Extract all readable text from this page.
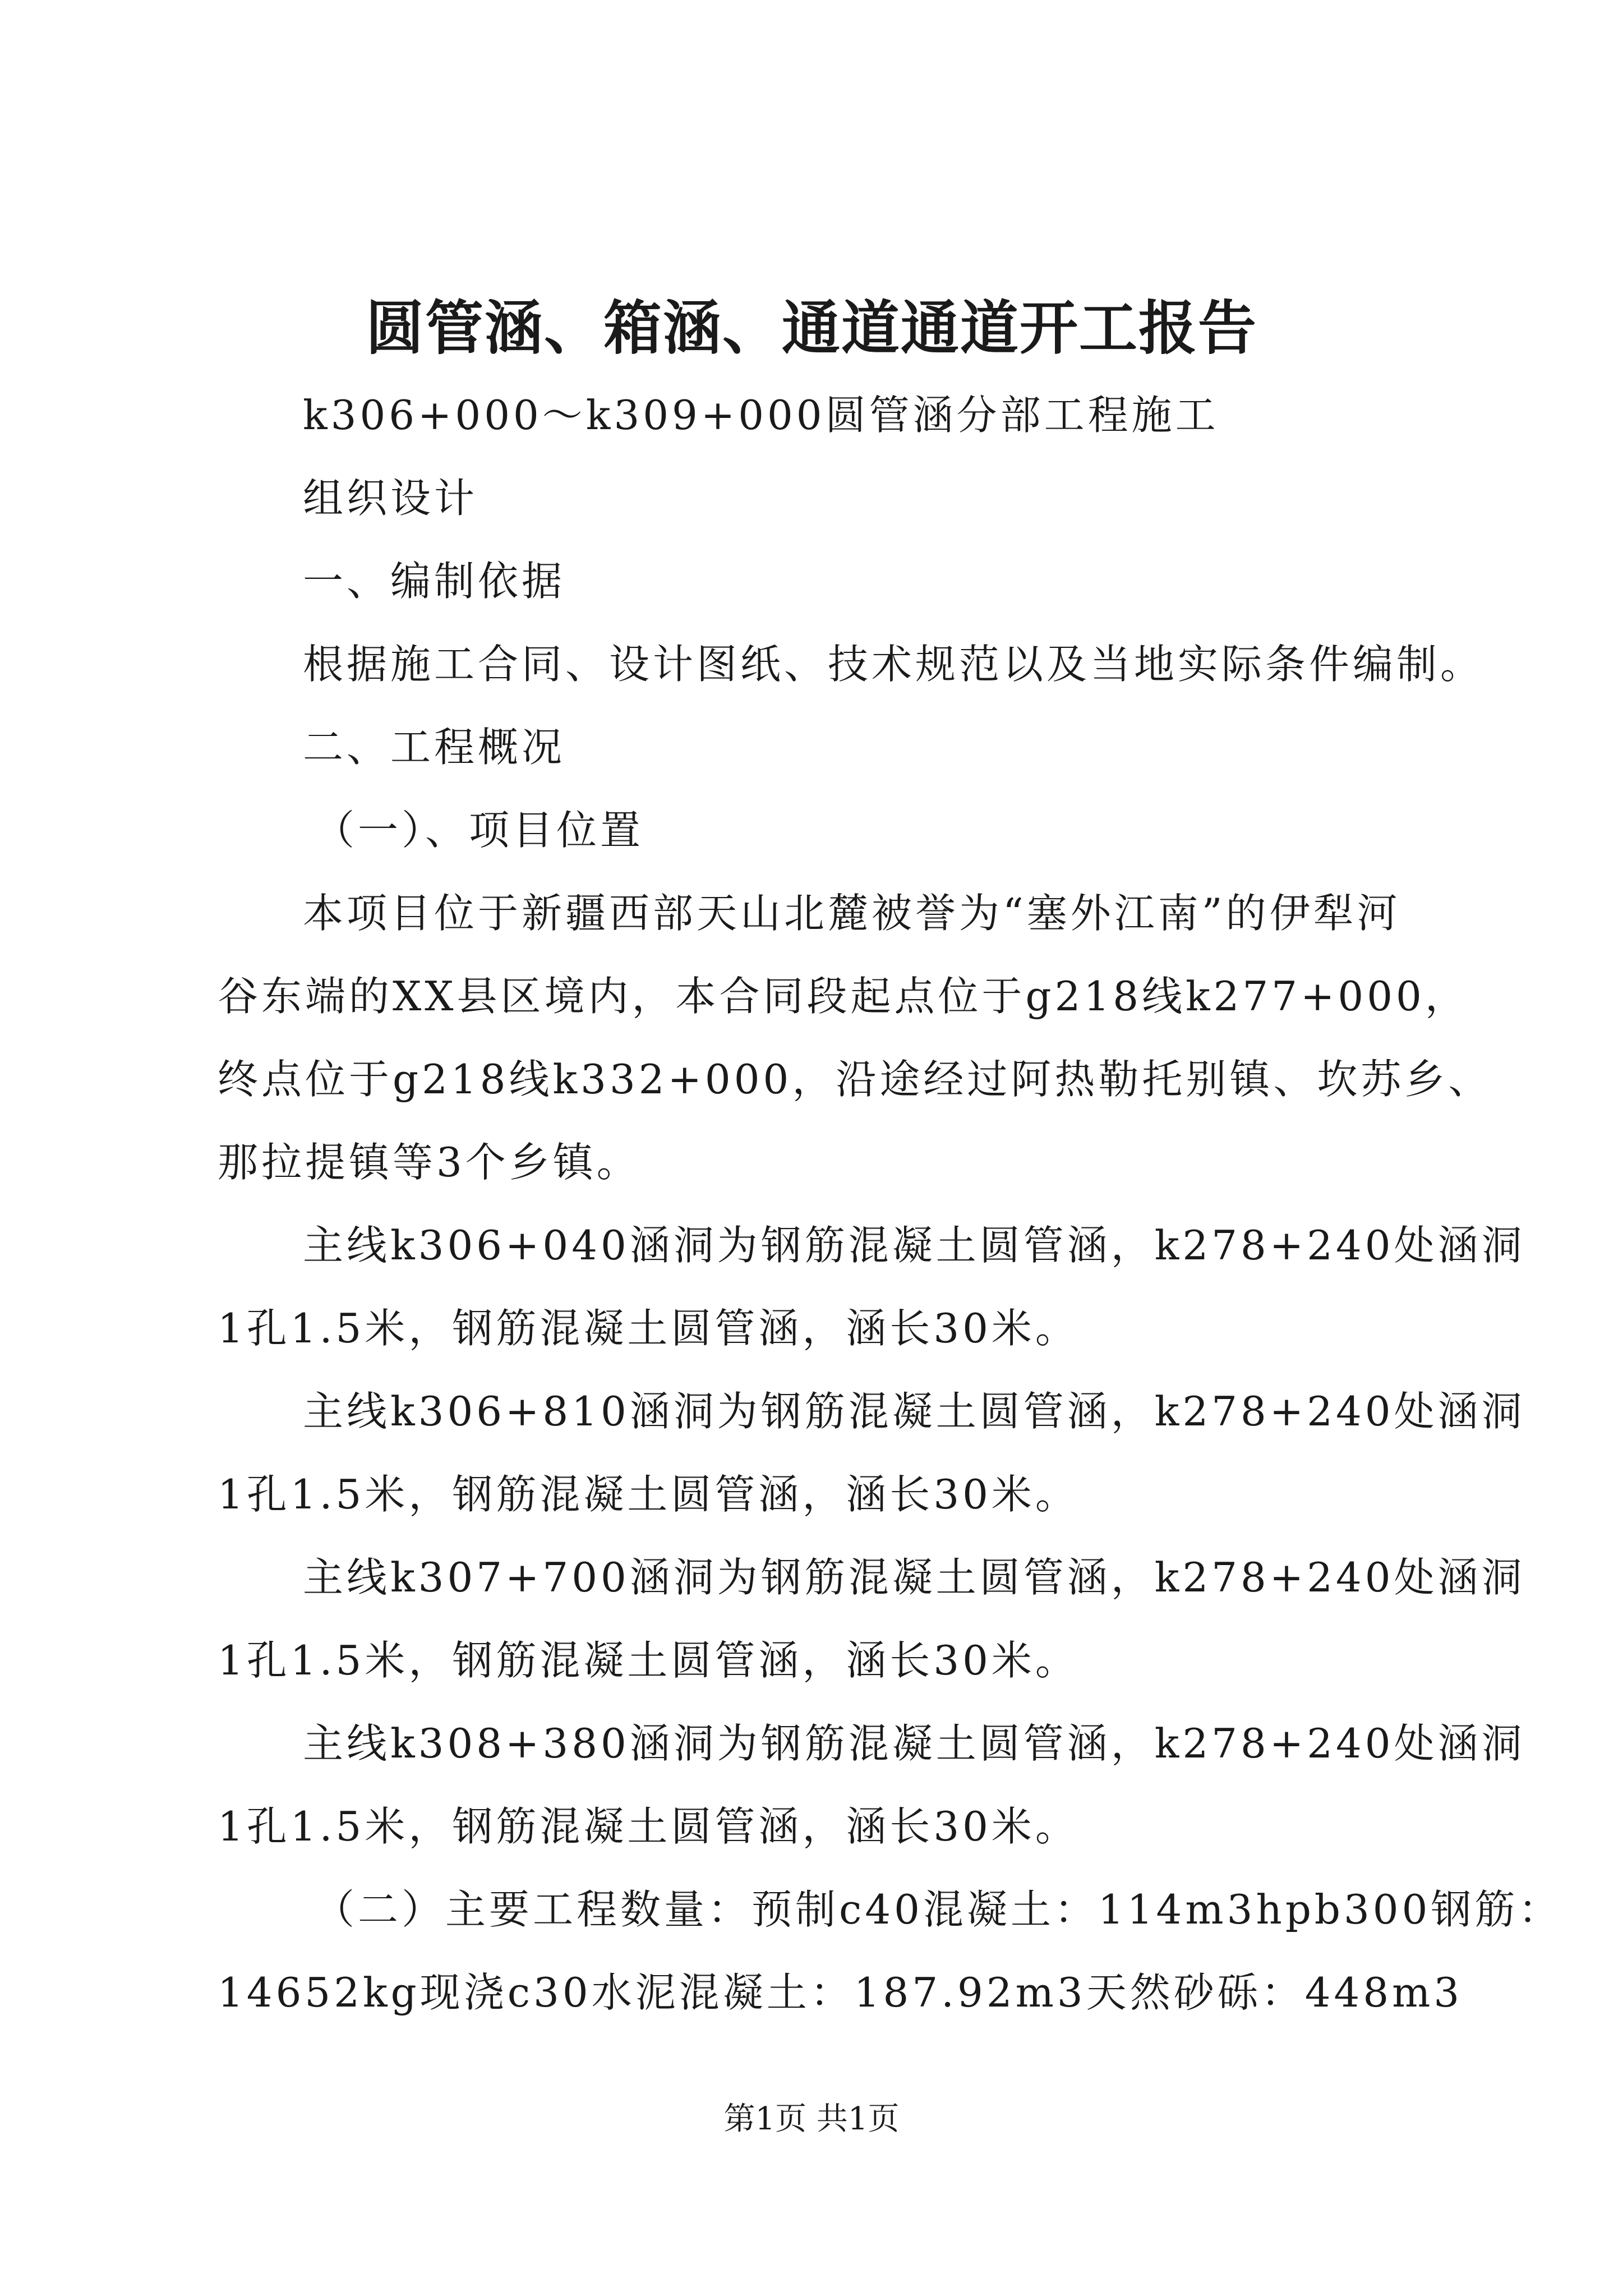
圆管涵、箱涵、通道通道开工报告
k306+000～k309+000圆管涵分部工程施工
组织设计
一、编制依据
根据施工合同、设计图纸、技术规范以及当地实际条件编制。
二、工程概况
（一）、项目位置
本项目位于新疆西部天山北麓被誉为“塞外江南”的伊犁河
谷东端的XX县区境内，本合同段起点位于g218线k277+000，
终点位于g218线k332+000，沿途经过阿热勒托别镇、坎苏乡、
那拉提镇等3个乡镇。
主线k306+040涵洞为钢筋混凝土圆管涵，k278+240处涵洞
1孔1.5米，钢筋混凝土圆管涵，涵长30米。
主线k306+810涵洞为钢筋混凝土圆管涵，k278+240处涵洞
1孔1.5米，钢筋混凝土圆管涵，涵长30米。
主线k307+700涵洞为钢筋混凝土圆管涵，k278+240处涵洞
1孔1.5米，钢筋混凝土圆管涵，涵长30米。
主线k308+380涵洞为钢筋混凝土圆管涵，k278+240处涵洞
1孔1.5米，钢筋混凝土圆管涵，涵长30米。
（二）主要工程数量：预制c40混凝土：114m3hpb300钢筋：
14652kg现浇c30水泥混凝土：187.92m3天然砂砾：448m3
第1页 共1页
